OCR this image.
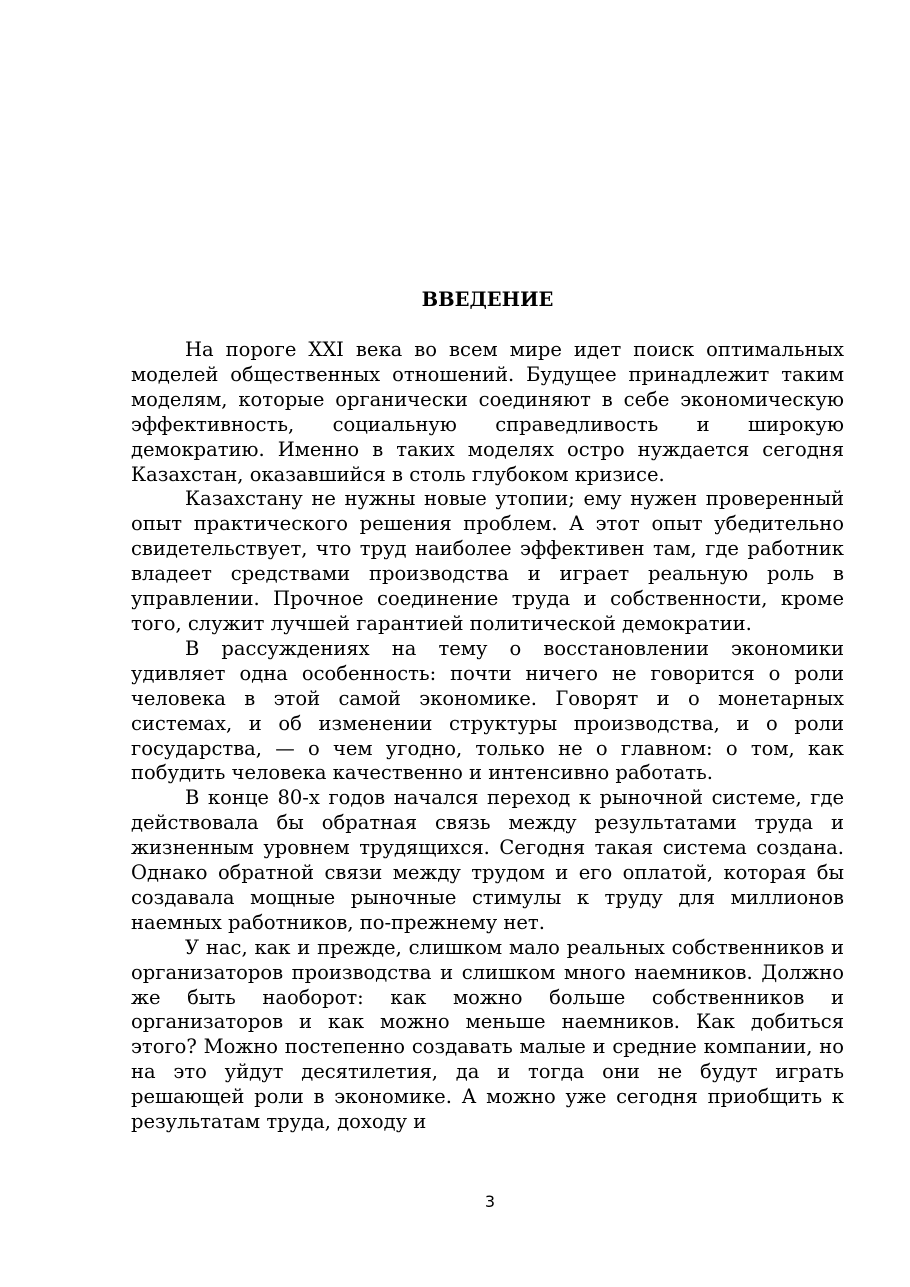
ВВЕДЕНИЕ

На пороге XXI века во всем мире идет поиск оптимальных моделей общественных отношений. Будущее принадлежит таким моделям, которые органически соединяют в себе экономическую эффективность, социальную справедливость и широкую демократию. Именно в таких моделях остро нуждается сегодня Казахстан, оказавшийся в столь глубоком кризисе.

Казахстану не нужны новые утопии; ему нужен проверенный опыт практического решения проблем. А этот опыт убедительно свидетельствует, что труд наиболее эффективен там, где работник владеет средствами производства и играет реальную роль в управлении. Прочное соединение труда и собственности, кроме того, служит лучшей гарантией политической демократии.

В рассуждениях на тему о восстановлении экономики удивляет одна особенность: почти ничего не говорится о роли человека в этой самой экономике. Говорят и о монетарных системах, и об изменении структуры производства, и о роли государства, — о чем угодно, только не о главном: о том, как побудить человека качественно и интенсивно работать.

В конце 80-х годов начался переход к рыночной системе, где действовала бы обратная связь между результатами труда и жизненным уровнем трудящихся. Сегодня такая система создана. Однако обратной связи между трудом и его оплатой, которая бы создавала мощные рыночные стимулы к труду для миллионов наемных работников, по-прежнему нет.

У нас, как и прежде, слишком мало реальных собственников и организаторов производства и слишком много наемников. Должно же быть наоборот: как можно больше собственников и организаторов и как можно меньше наемников. Как добиться этого? Можно постепенно создавать малые и средние компании, но на это уйдут десятилетия, да и тогда они не будут играть решающей роли в экономике. А можно уже сегодня приобщить к результатам труда, доходу и

3
